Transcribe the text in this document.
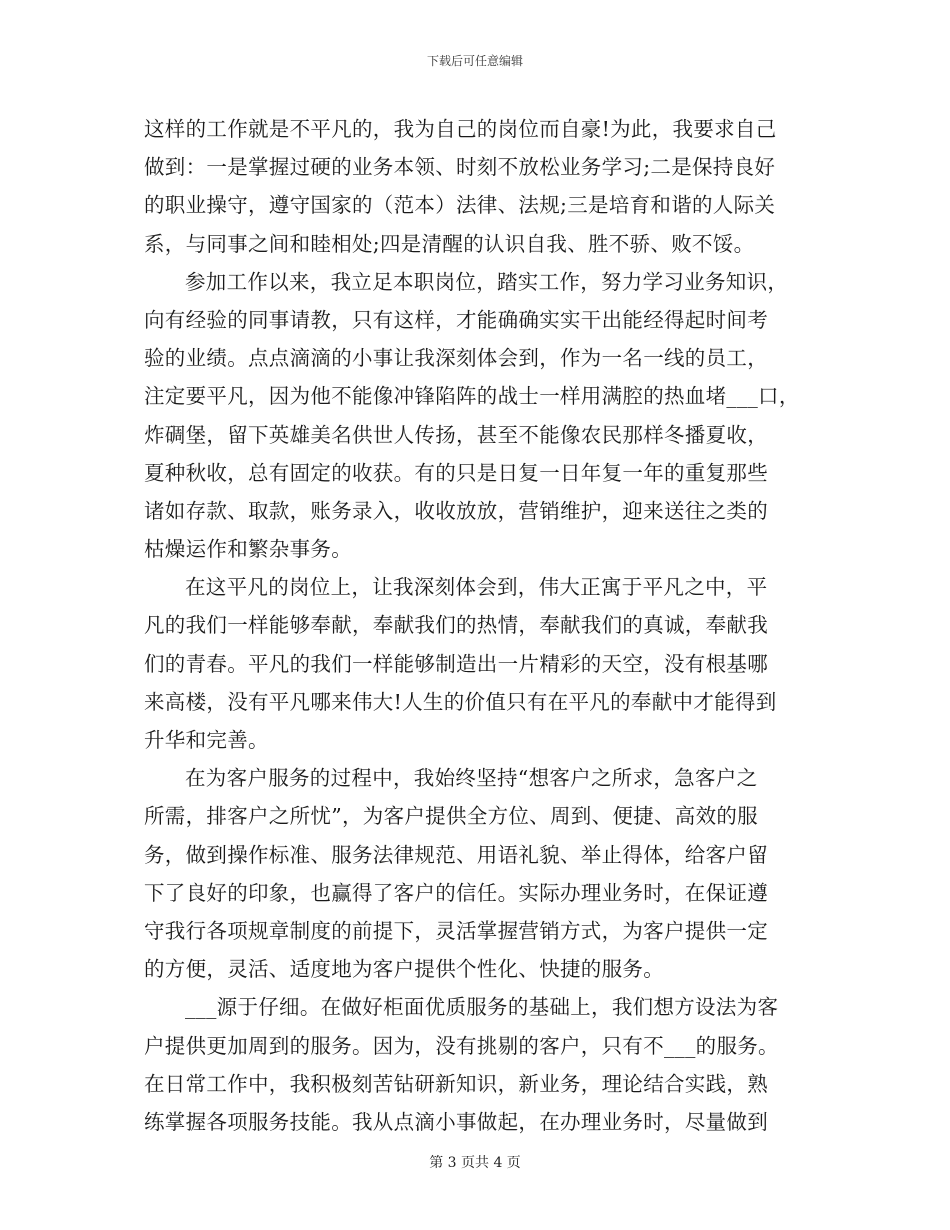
下载后可任意编辑
这样的工作就是不平凡的，我为自己的岗位而自豪!为此，我要求自己
做到：一是掌握过硬的业务本领、时刻不放松业务学习;二是保持良好
的职业操守，遵守国家的（范本）法律、法规;三是培育和谐的人际关
系，与同事之间和睦相处;四是清醒的认识自我、胜不骄、败不馁。
参加工作以来，我立足本职岗位，踏实工作，努力学习业务知识，
向有经验的同事请教，只有这样，才能确确实实干出能经得起时间考
验的业绩。点点滴滴的小事让我深刻体会到，作为一名一线的员工，
注定要平凡，因为他不能像冲锋陷阵的战士一样用满腔的热血堵___口，
炸碉堡，留下英雄美名供世人传扬，甚至不能像农民那样冬播夏收，
夏种秋收，总有固定的收获。有的只是日复一日年复一年的重复那些
诸如存款、取款，账务录入，收收放放，营销维护，迎来送往之类的
枯燥运作和繁杂事务。
在这平凡的岗位上，让我深刻体会到，伟大正寓于平凡之中，平
凡的我们一样能够奉献，奉献我们的热情，奉献我们的真诚，奉献我
们的青春。平凡的我们一样能够制造出一片精彩的天空，没有根基哪
来高楼，没有平凡哪来伟大!人生的价值只有在平凡的奉献中才能得到
升华和完善。
在为客户服务的过程中，我始终坚持“想客户之所求，急客户之
所需，排客户之所忧”，为客户提供全方位、周到、便捷、高效的服
务，做到操作标准、服务法律规范、用语礼貌、举止得体，给客户留
下了良好的印象，也赢得了客户的信任。实际办理业务时，在保证遵
守我行各项规章制度的前提下，灵活掌握营销方式，为客户提供一定
的方便，灵活、适度地为客户提供个性化、快捷的服务。
___源于仔细。在做好柜面优质服务的基础上，我们想方设法为客
户提供更加周到的服务。因为，没有挑剔的客户，只有不___的服务。
在日常工作中，我积极刻苦钻研新知识，新业务，理论结合实践，熟
练掌握各项服务技能。我从点滴小事做起，在办理业务时，尽量做到
第 3 页共 4 页
